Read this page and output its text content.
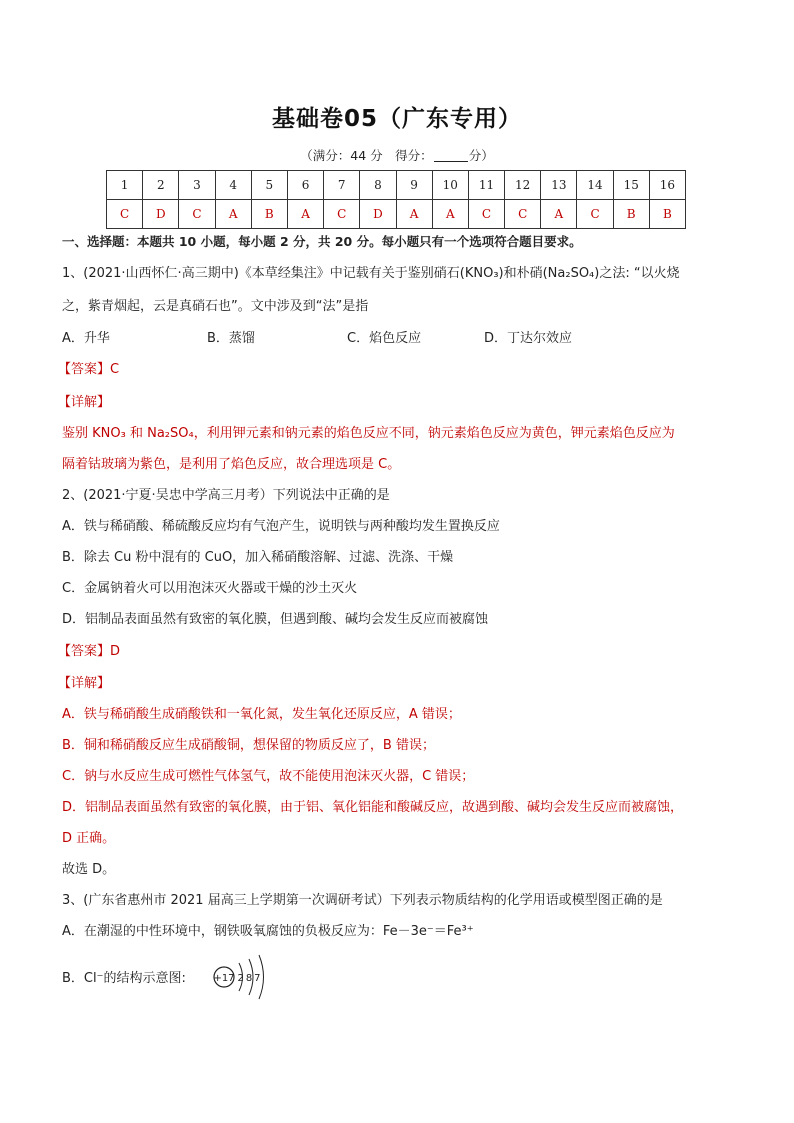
基础卷05（广东专用）
（满分：44 分　得分：	分）
1	2	3	4	5	6	7	8	9	10	11	12	13	14	15	16
C	D	C	A	B	A	C	D	A	A	C	C	A	C	B	B
一、选择题：本题共 10 小题，每小题 2 分，共 20 分。每小题只有一个选项符合题目要求。
1、(2021·山西怀仁·高三期中)《本草经集注》中记载有关于鉴别硝石(KNO₃)和朴硝(Na₂SO₄)之法: “以火烧
之，紫青烟起，云是真硝石也”。文中涉及到“法”是指
A．升华	B．蒸馏	C．焰色反应	D．丁达尔效应
【答案】C
【详解】
鉴别 KNO₃ 和 Na₂SO₄，利用钾元素和钠元素的焰色反应不同，钠元素焰色反应为黄色，钾元素焰色反应为
隔着钴玻璃为紫色，是利用了焰色反应，故合理选项是 C。
2、(2021·宁夏·吴忠中学高三月考）下列说法中正确的是
A．铁与稀硝酸、稀硫酸反应均有气泡产生，说明铁与两种酸均发生置换反应
B．除去 Cu 粉中混有的 CuO，加入稀硝酸溶解、过滤、洗涤、干燥
C．金属钠着火可以用泡沫灭火器或干燥的沙土灭火
D．铝制品表面虽然有致密的氧化膜，但遇到酸、碱均会发生反应而被腐蚀
【答案】D
【详解】
A．铁与稀硝酸生成硝酸铁和一氧化氮，发生氧化还原反应，A 错误；
B．铜和稀硝酸反应生成硝酸铜，想保留的物质反应了，B 错误；
C．钠与水反应生成可燃性气体氢气，故不能使用泡沫灭火器，C 错误；
D．铝制品表面虽然有致密的氧化膜，由于铝、氧化铝能和酸碱反应，故遇到酸、碱均会发生反应而被腐蚀，
D 正确。
故选 D。
3、(广东省惠州市 2021 届高三上学期第一次调研考试）下列表示物质结构的化学用语或模型图正确的是
A．在潮湿的中性环境中，钢铁吸氧腐蚀的负极反应为：Fe－3e⁻＝Fe³⁺
B．Cl⁻的结构示意图:	+17 287
